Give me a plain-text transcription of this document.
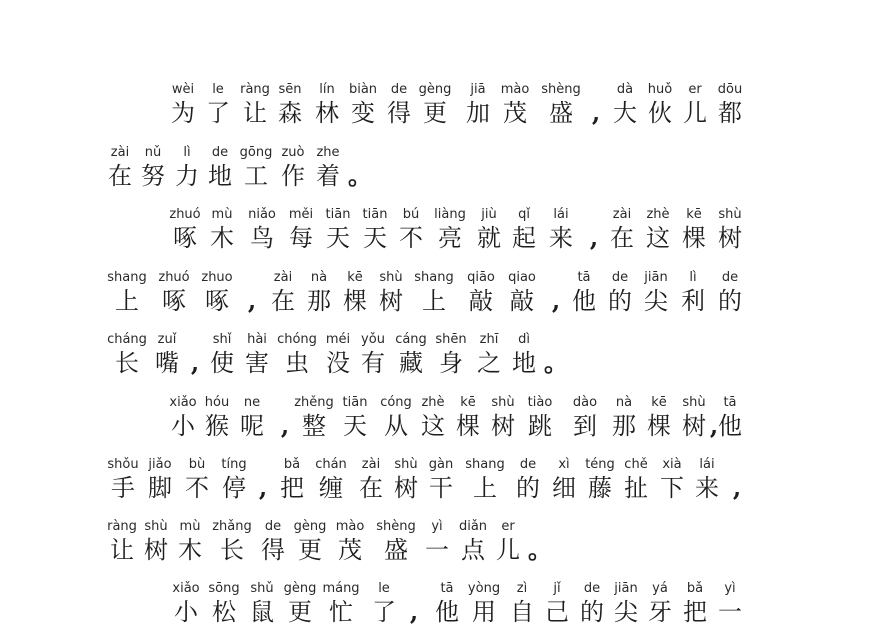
wèi le ràng sēn lín biàn de gèng jiā mào shèng	dà huǒ er dōu
为 了 让 森 林 变 得 更 加 茂 盛 , 大 伙 儿 都
zài nǔ lì de gōng zuò zhe
在 努 力 地 工 作 着 。
zhuó mù niǎo měi tiān tiān bú liàng jiù qǐ lái	zài zhè kē shù
啄 木 鸟 每 天 天 不 亮 就 起 来 , 在 这 棵 树
shang zhuó zhuo	zài nà kē shù shang qiāo qiao	tā de jiān lì de
上 啄 啄 , 在 那 棵 树 上 敲 敲 , 他 的 尖 利 的
cháng zuǐ	shǐ hài chóng méi yǒu cáng shēn zhī dì
长 嘴 , 使 害 虫 没 有 藏 身 之 地 。
xiǎo hóu ne	zhěng tiān cóng zhè kē shù tiào dào nà kē shù tā
小 猴 呢 , 整 天 从 这 棵 树 跳 到 那 棵 树 , 他
shǒu jiǎo bù tíng	bǎ chán zài shù gàn shang de xì téng chě xià lái
手 脚 不 停 , 把 缠 在 树 干 上 的 细 藤 扯 下 来 ,
ràng shù mù zhǎng de gèng mào shèng yì diǎn er
让 树 木 长 得 更 茂 盛 一 点 儿 。
xiǎo sōng shǔ gèng máng le	tā yòng zì jǐ de jiān yá bǎ yì
小 松 鼠 更 忙 了 , 他 用 自 己 的 尖 牙 把 一
